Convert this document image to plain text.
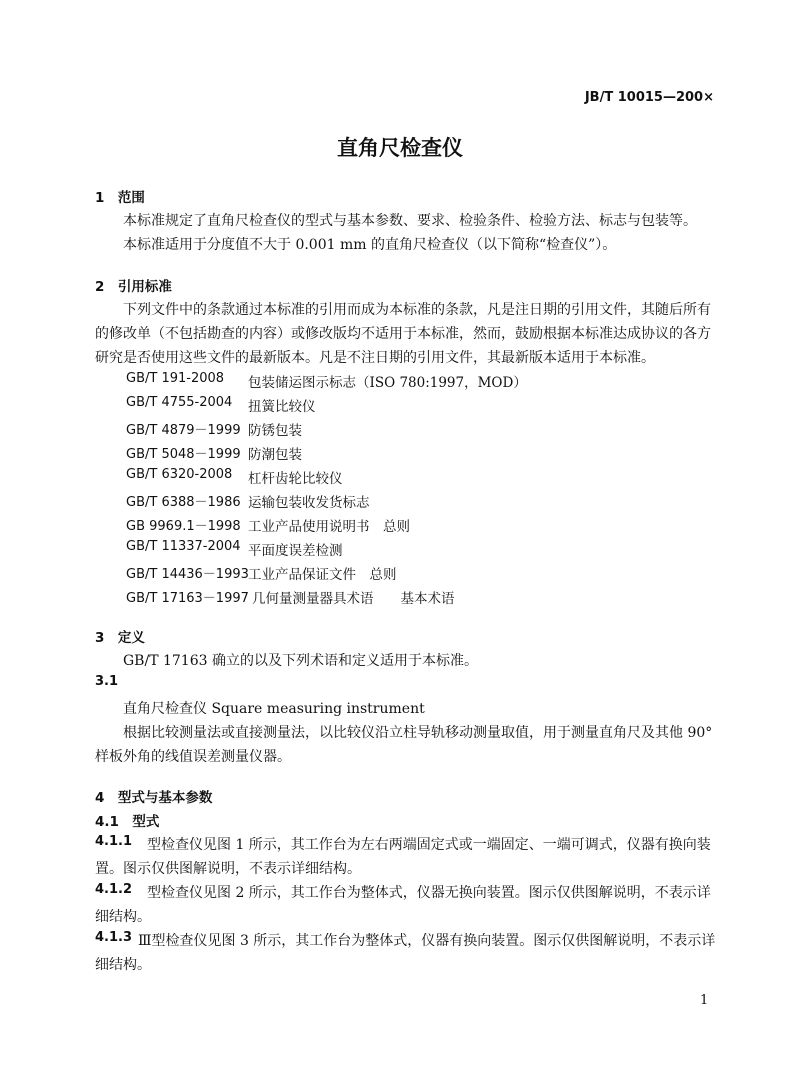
JB/T 10015—200×
直角尺检查仪
1　范围
本标准规定了直角尺检查仪的型式与基本参数、要求、检验条件、检验方法、标志与包装等。
本标准适用于分度值不大于 0.001 mm 的直角尺检查仪（以下简称“检查仪”）。
2　引用标准
下列文件中的条款通过本标准的引用而成为本标准的条款，凡是注日期的引用文件，其随后所有
的修改单（不包括勘查的内容）或修改版均不适用于本标准，然而，鼓励根据本标准达成协议的各方
研究是否使用这些文件的最新版本。凡是不注日期的引用文件，其最新版本适用于本标准。
GB/T 191-2008 包装储运图示标志（ISO 780:1997，MOD）
GB/T 4755-2004 扭簧比较仪
GB/T 4879－1999 防锈包装
GB/T 5048－1999 防潮包装
GB/T 6320-2008 杠杆齿轮比较仪
GB/T 6388－1986 运输包装收发货标志
GB 9969.1－1998 工业产品使用说明书　总则
GB/T 11337-2004 平面度误差检测
GB/T 14436－1993 工业产品保证文件　总则
GB/T 17163－1997 几何量测量器具术语　　基本术语
3　定义
GB/T 17163 确立的以及下列术语和定义适用于本标准。
3.1
直角尺检查仪 Square measuring instrument
根据比较测量法或直接测量法，以比较仪沿立柱导轨移动测量取值，用于测量直角尺及其他 90°
样板外角的线值误差测量仪器。
4　型式与基本参数
4.1　型式
4.1.1 型检查仪见图 1 所示，其工作台为左右两端固定式或一端固定、一端可调式，仪器有换向装
置。图示仅供图解说明，不表示详细结构。
4.1.2 型检查仪见图 2 所示，其工作台为整体式，仪器无换向装置。图示仅供图解说明，不表示详
细结构。
4.1.3 Ⅲ型检查仪见图 3 所示，其工作台为整体式，仪器有换向装置。图示仅供图解说明，不表示详
细结构。
1
